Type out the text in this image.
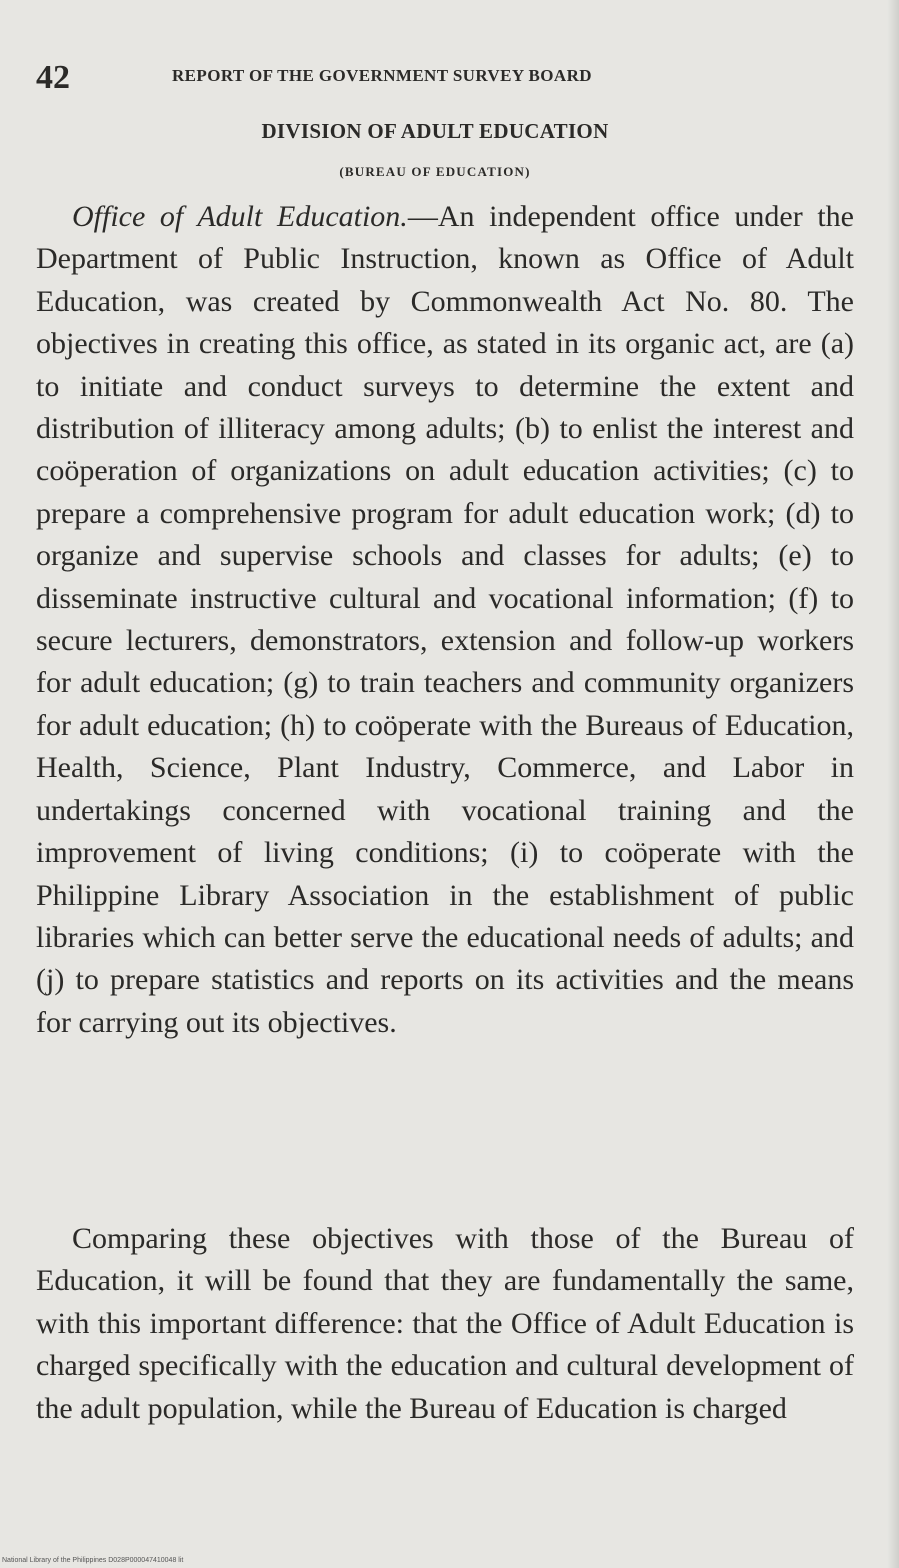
42	REPORT OF THE GOVERNMENT SURVEY BOARD
DIVISION OF ADULT EDUCATION
(BUREAU OF EDUCATION)

Office of Adult Education.—An independent office under the Department of Public Instruction, known as Office of Adult Education, was created by Commonwealth Act No. 80. The objectives in creating this office, as stated in its organic act, are (a) to initiate and conduct surveys to determine the extent and distribution of illiteracy among adults; (b) to enlist the interest and coöperation of organizations on adult education activities; (c) to prepare a comprehensive program for adult education work; (d) to organize and supervise schools and classes for adults; (e) to disseminate instructive cultural and vocational information; (f) to secure lecturers, demonstrators, extension and follow-up workers for adult education; (g) to train teachers and community organizers for adult education; (h) to coöperate with the Bureaus of Education, Health, Science, Plant Industry, Commerce, and Labor in undertakings concerned with vocational training and the improvement of living conditions; (i) to coöperate with the Philippine Library Association in the establishment of public libraries which can better serve the educational needs of adults; and (j) to prepare statistics and reports on its activities and the means for carrying out its objectives.

Comparing these objectives with those of the Bureau of Education, it will be found that they are fundamentally the same, with this important difference: that the Office of Adult Education is charged specifically with the education and cultural development of the adult population, while the Bureau of Education is charged

National Library of the Philippines D028P000047410048 lit
